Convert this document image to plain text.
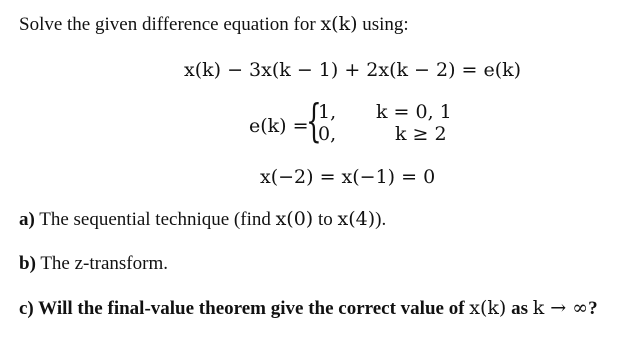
Solve the given difference equation for x(k) using:
x(k) − 3x(k − 1) + 2x(k − 2) = e(k)
e(k) =
{
1, k = 0, 1
0,	k ≥ 2
x(−2) = x(−1) = 0
a) The sequential technique (find x(0) to x(4)).
b) The z-transform.
c) Will the final-value theorem give the correct value of x(k) as k → ∞?
